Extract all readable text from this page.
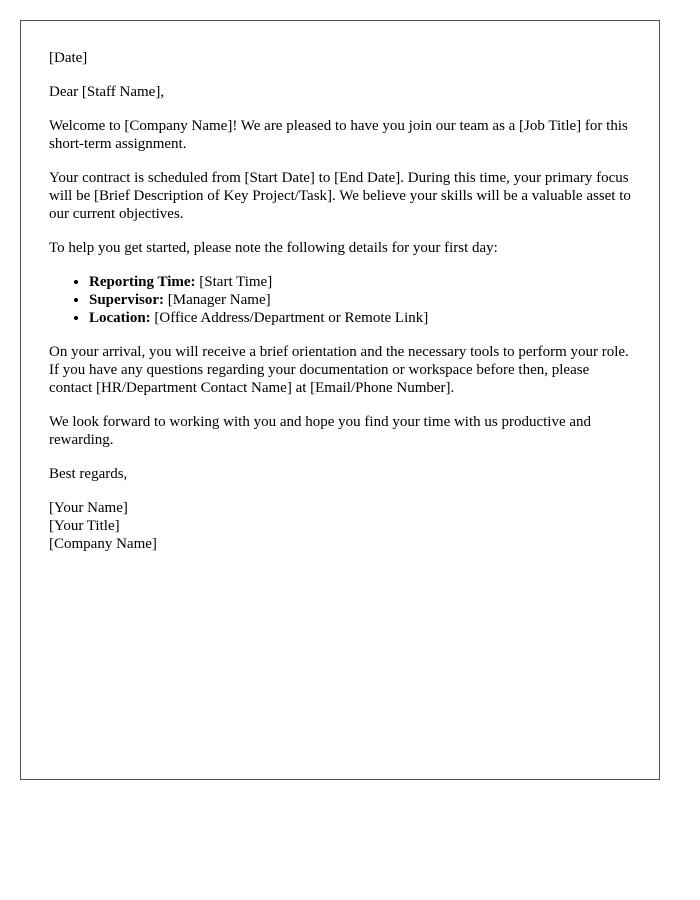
[Date]

Dear [Staff Name],

Welcome to [Company Name]! We are pleased to have you join our team as a [Job Title] for this short-term assignment.

Your contract is scheduled from [Start Date] to [End Date]. During this time, your primary focus will be [Brief Description of Key Project/Task]. We believe your skills will be a valuable asset to our current objectives.

To help you get started, please note the following details for your first day:

• Reporting Time: [Start Time]
• Supervisor: [Manager Name]
• Location: [Office Address/Department or Remote Link]

On your arrival, you will receive a brief orientation and the necessary tools to perform your role. If you have any questions regarding your documentation or workspace before then, please contact [HR/Department Contact Name] at [Email/Phone Number].

We look forward to working with you and hope you find your time with us productive and rewarding.

Best regards,

[Your Name]
[Your Title]
[Company Name]
